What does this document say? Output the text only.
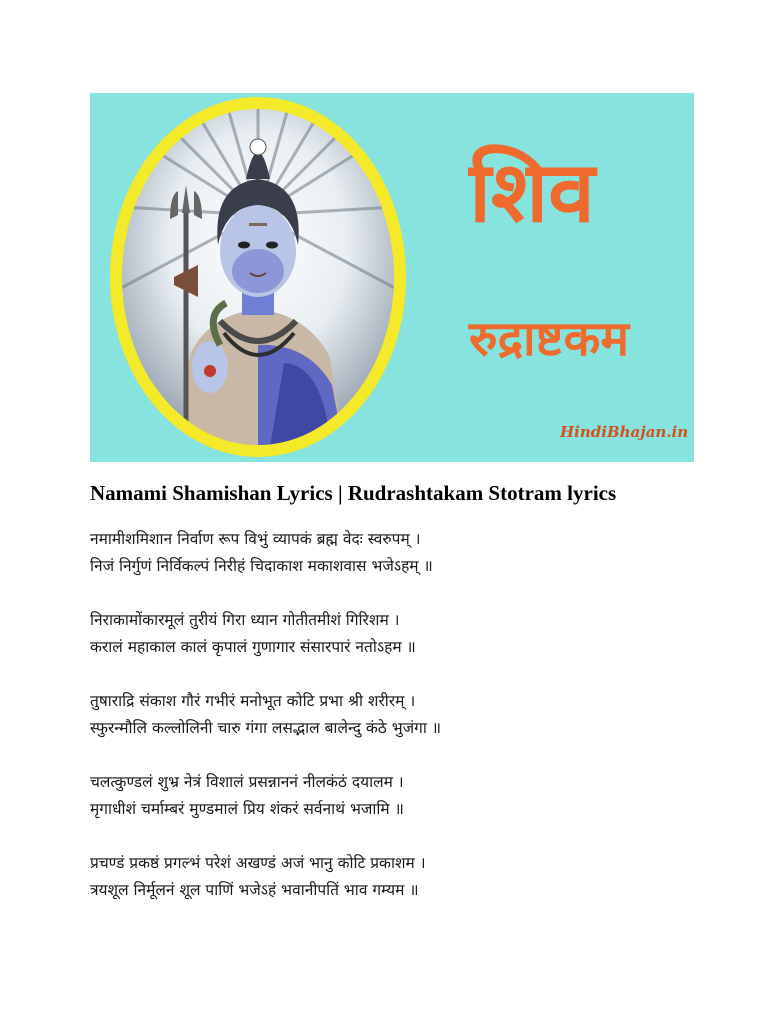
शिव
रुद्राष्टकम
HindiBhajan.in
Namami Shamishan Lyrics | Rudrashtakam Stotram lyrics

नमामीशमिशान निर्वाण रूप विभुं व्यापकं ब्रह्म वेदः स्वरुपम् ।
निजं निर्गुणं निर्विकल्पं निरीहं चिदाकाश मकाशवास भजेऽहम् ॥

निराकामोंकारमूलं तुरीयं गिरा ध्यान गोतीतमीशं गिरिशम ।
करालं महाकाल कालं कृपालं गुणागार संसारपारं नतोऽहम ॥

तुषाराद्रि संकाश गौरं गभीरं मनोभूत कोटि प्रभा श्री शरीरम् ।
स्फुरन्मौलि कल्लोलिनी चारु गंगा लसद्भाल बालेन्दु कंठे भुजंगा ॥

चलत्कुण्डलं शुभ्र नेत्रं विशालं प्रसन्नाननं नीलकंठं दयालम ।
मृगाधीशं चर्माम्बरं मुण्डमालं प्रिय शंकरं सर्वनाथं भजामि ॥

प्रचण्डं प्रकष्ठं प्रगल्भं परेशं अखण्डं अजं भानु कोटि प्रकाशम ।
त्रयशूल निर्मूलनं शूल पाणिं भजेऽहं भवानीपतिं भाव गम्यम ॥
